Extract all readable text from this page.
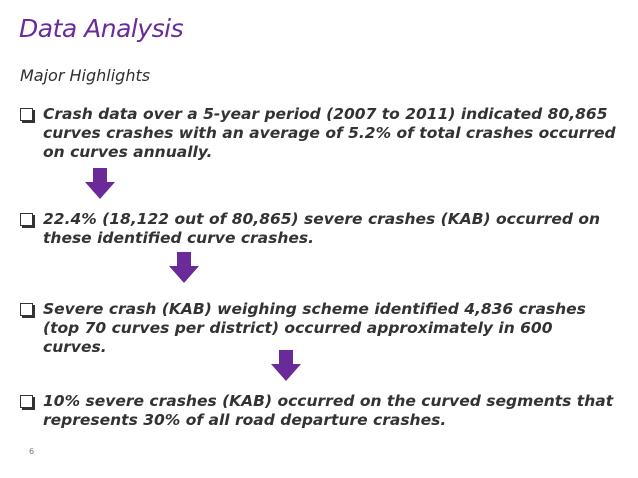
Data Analysis
Major Highlights
Crash data over a 5-year period (2007 to 2011) indicated 80,865 curves crashes with an average of 5.2% of total crashes occurred on curves annually.
22.4% (18,122 out of 80,865) severe crashes (KAB) occurred on these identified curve crashes.
Severe crash (KAB) weighing scheme identified 4,836 crashes (top 70 curves per district) occurred approximately in 600 curves.
10% severe crashes (KAB) occurred on the curved segments that represents 30% of all road departure crashes.
6
